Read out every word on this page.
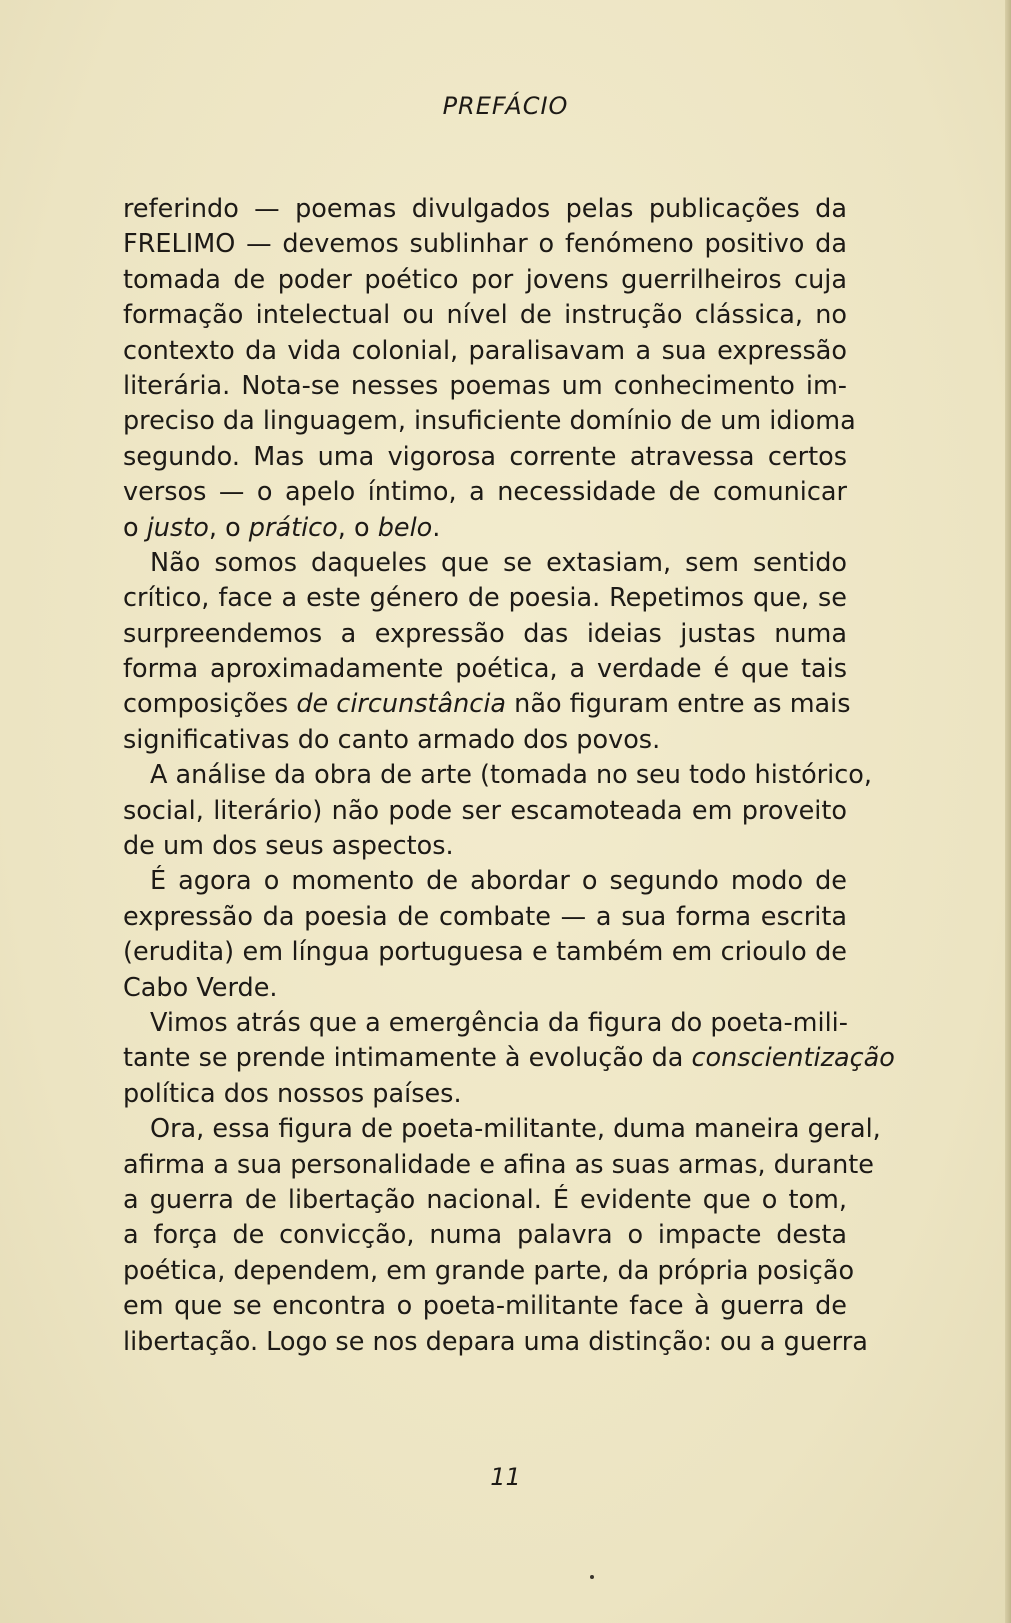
PREFÁCIO
referindo — poemas divulgados pelas publicações da
FRELIMO — devemos sublinhar o fenómeno positivo da
tomada de poder poético por jovens guerrilheiros cuja
formação intelectual ou nível de instrução clássica, no
contexto da vida colonial, paralisavam a sua expressão
literária. Nota-se nesses poemas um conhecimento im-
preciso da linguagem, insuficiente domínio de um idioma
segundo. Mas uma vigorosa corrente atravessa certos
versos — o apelo íntimo, a necessidade de comunicar
o justo, o prático, o belo.
Não somos daqueles que se extasiam, sem sentido
crítico, face a este género de poesia. Repetimos que, se
surpreendemos a expressão das ideias justas numa
forma aproximadamente poética, a verdade é que tais
composições de circunstância não figuram entre as mais
significativas do canto armado dos povos.
A análise da obra de arte (tomada no seu todo histórico,
social, literário) não pode ser escamoteada em proveito
de um dos seus aspectos.
É agora o momento de abordar o segundo modo de
expressão da poesia de combate — a sua forma escrita
(erudita) em língua portuguesa e também em crioulo de
Cabo Verde.
Vimos atrás que a emergência da figura do poeta-mili-
tante se prende intimamente à evolução da conscientização
política dos nossos países.
Ora, essa figura de poeta-militante, duma maneira geral,
afirma a sua personalidade e afina as suas armas, durante
a guerra de libertação nacional. É evidente que o tom,
a força de convicção, numa palavra o impacte desta
poética, dependem, em grande parte, da própria posição
em que se encontra o poeta-militante face à guerra de
libertação. Logo se nos depara uma distinção: ou a guerra
11
